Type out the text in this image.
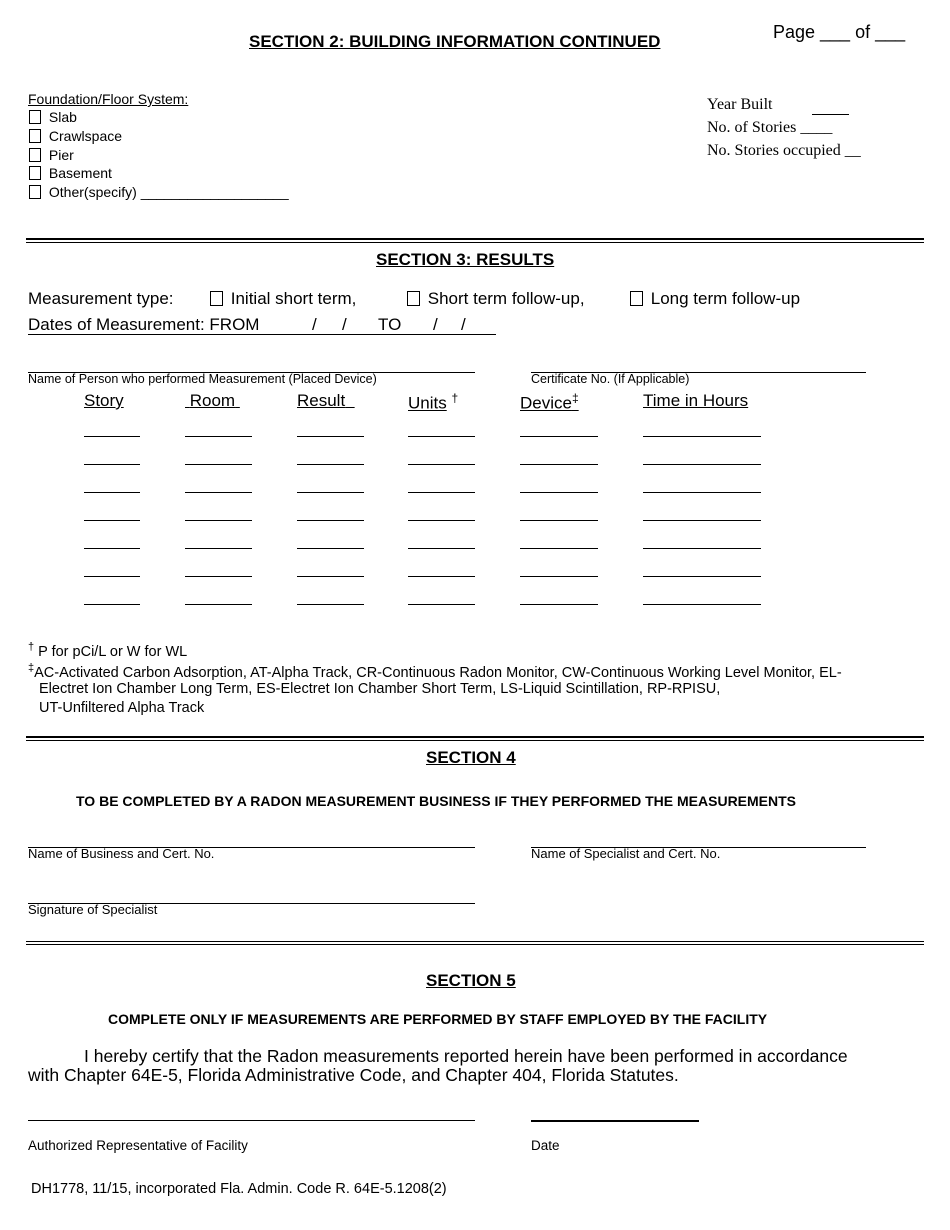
SECTION 2: BUILDING INFORMATION CONTINUED	Page ___ of ___
Foundation/Floor System:
Slab
Crawlspace
Pier
Basement
Other(specify) ___________________
Year Built
No. of Stories ____
No. Stories occupied __
SECTION 3: RESULTS
Measurement type:	Initial short term,	Short term follow-up,	Long term follow-up
Dates of Measurement: FROM	/ / TO / /
Name of Person who performed Measurement (Placed Device)	Certificate No. (If Applicable)
Story	Room	Result	Units †	Device‡	Time in Hours
† P for pCi/L or W for WL
‡AC-Activated Carbon Adsorption, AT-Alpha Track, CR-Continuous Radon Monitor, CW-Continuous Working Level Monitor, EL-
Electret Ion Chamber Long Term, ES-Electret Ion Chamber Short Term, LS-Liquid Scintillation, RP-RPISU,
UT-Unfiltered Alpha Track
SECTION 4
TO BE COMPLETED BY A RADON MEASUREMENT BUSINESS IF THEY PERFORMED THE MEASUREMENTS
Name of Business and Cert. No.	Name of Specialist and Cert. No.
Signature of Specialist
SECTION 5
COMPLETE ONLY IF MEASUREMENTS ARE PERFORMED BY STAFF EMPLOYED BY THE FACILITY
I hereby certify that the Radon measurements reported herein have been performed in accordance
with Chapter 64E-5, Florida Administrative Code, and Chapter 404, Florida Statutes.
Authorized Representative of Facility	Date
DH1778, 11/15, incorporated Fla. Admin. Code R. 64E-5.1208(2)
